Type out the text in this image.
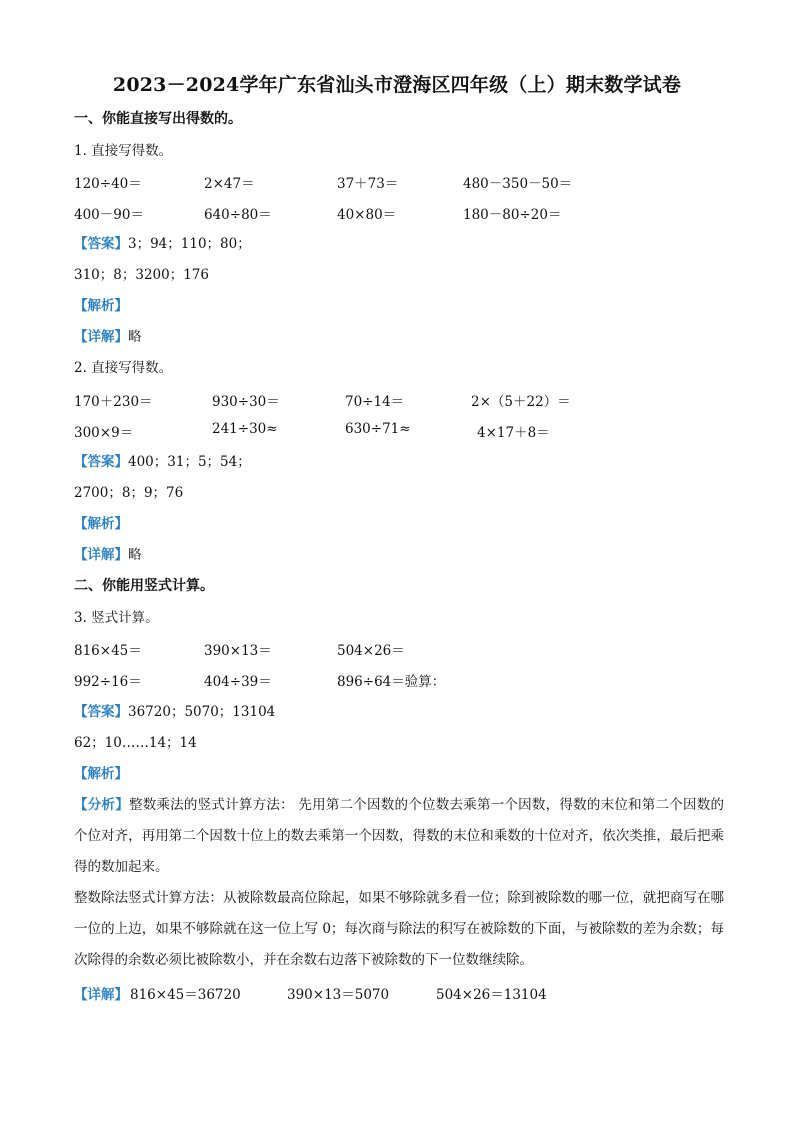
2023－2024学年广东省汕头市澄海区四年级（上）期末数学试卷
一、你能直接写出得数的。
1. 直接写得数。
120÷40＝	2×47＝	37＋73＝	480－350－50＝
400－90＝	640÷80＝	40×80＝	180－80÷20＝
【答案】3；94；110；80；
310；8；3200；176
【解析】
【详解】略
2. 直接写得数。
170＋230＝	930÷30＝	70÷14＝	2×（5＋22）＝
300×9＝	241÷30≈	630÷71≈	4×17＋8＝
【答案】400；31；5；54；
2700；8；9；76
【解析】
【详解】略
二、你能用竖式计算。
3. 竖式计算。
816×45＝	390×13＝	504×26＝
992÷16＝	404÷39＝	896÷64＝验算：
【答案】36720；5070；13104
62；10……14；14
【解析】
【分析】整数乘法的竖式计算方法： 先用第二个因数的个位数去乘第一个因数，得数的末位和第二个因数的个位对齐，再用第二个因数十位上的数去乘第一个因数，得数的末位和乘数的十位对齐，依次类推，最后把乘得的数加起来。
整数除法竖式计算方法：从被除数最高位除起，如果不够除就多看一位；除到被除数的哪一位，就把商写在哪一位的上边，如果不够除就在这一位上写 0；每次商与除法的积写在被除数的下面，与被除数的差为余数；每次除得的余数必须比被除数小，并在余数右边落下被除数的下一位数继续除。
【详解】 816×45＝36720	390×13＝5070	504×26＝13104
